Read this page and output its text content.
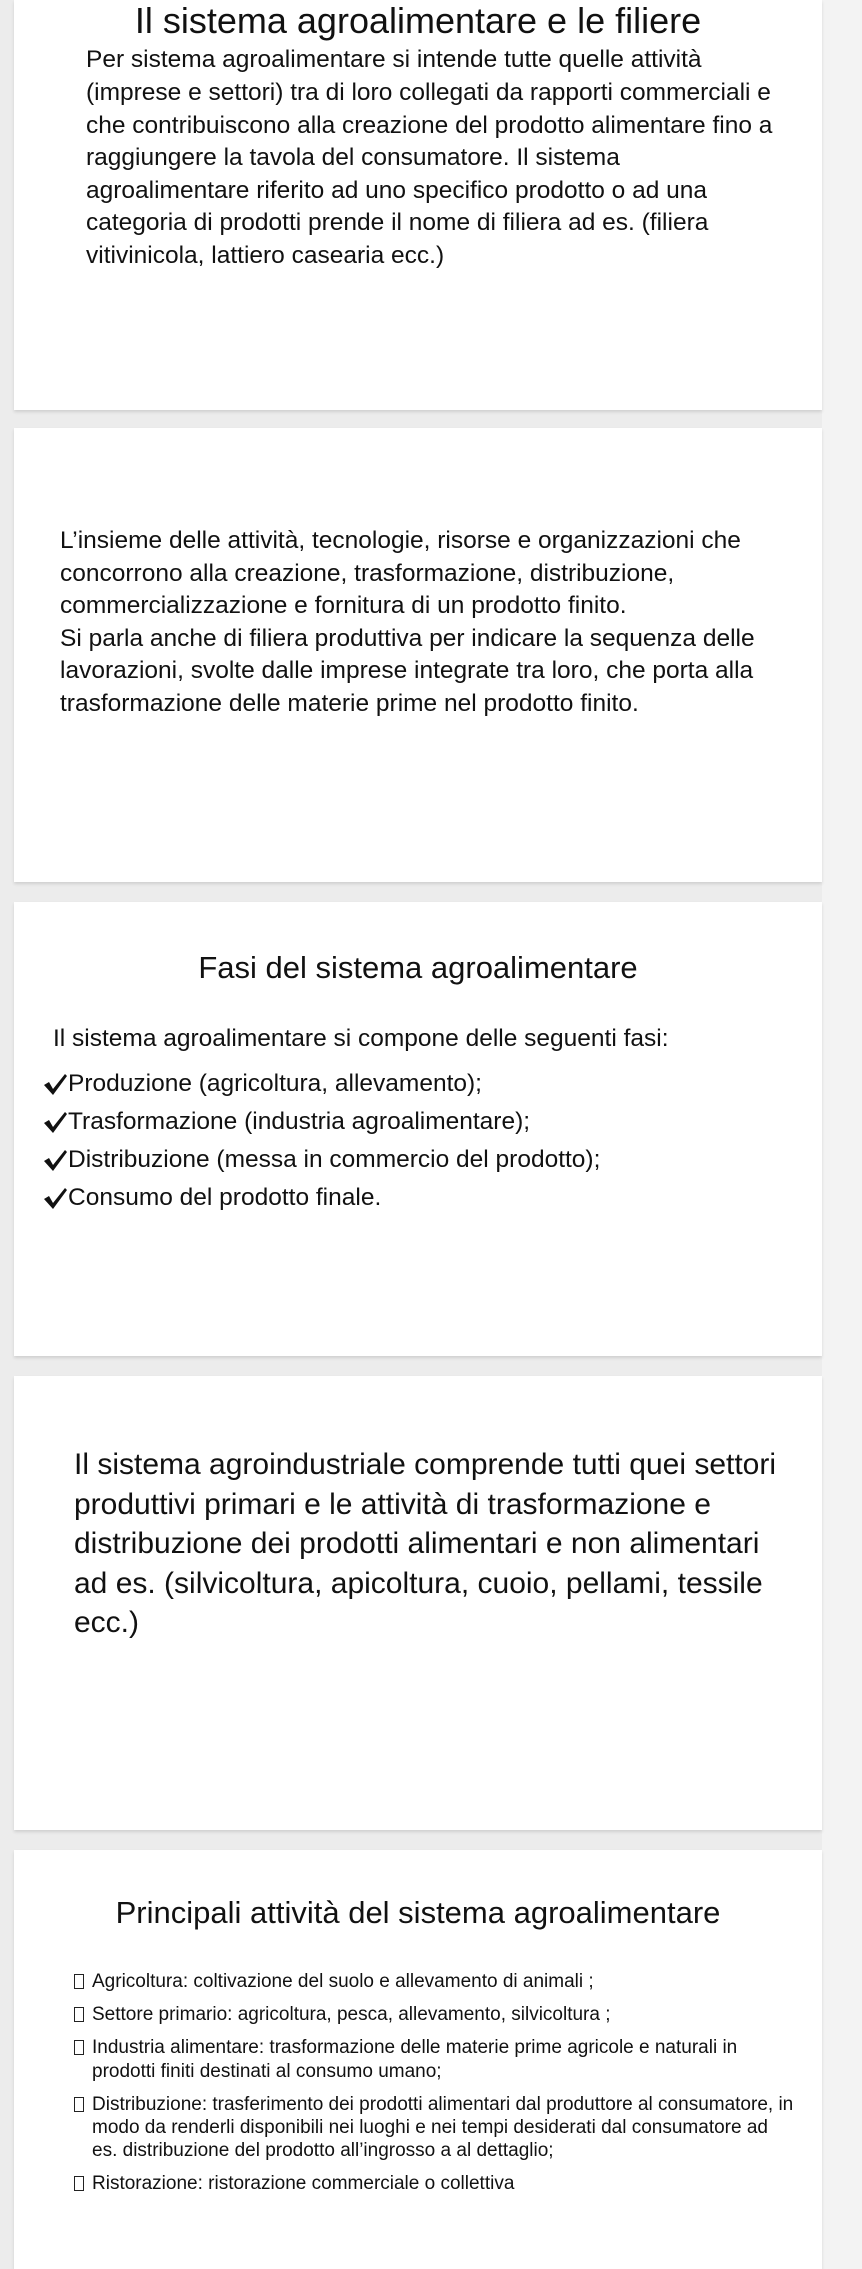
Il sistema agroalimentare e le filiere

Per sistema agroalimentare si intende tutte quelle attività (imprese e settori) tra di loro collegati da rapporti commerciali e che contribuiscono alla creazione del prodotto alimentare fino a raggiungere la tavola del consumatore. Il sistema agroalimentare riferito ad uno specifico prodotto o ad una categoria di prodotti prende il nome di filiera ad es. (filiera vitivinicola, lattiero casearia ecc.)

L’insieme delle attività, tecnologie, risorse e organizzazioni che concorrono alla creazione, trasformazione, distribuzione, commercializzazione e fornitura di un prodotto finito.
Si parla anche di filiera produttiva per indicare la sequenza delle lavorazioni, svolte dalle imprese integrate tra loro, che porta alla trasformazione delle materie prime nel prodotto finito.

Fasi del sistema agroalimentare

Il sistema agroalimentare si compone delle seguenti fasi:

Produzione (agricoltura, allevamento);
Trasformazione (industria agroalimentare);
Distribuzione (messa in commercio del prodotto);
Consumo del prodotto finale.

Il sistema agroindustriale comprende tutti quei settori produttivi primari e le attività di trasformazione e distribuzione dei prodotti alimentari e non alimentari ad es. (silvicoltura, apicoltura, cuoio, pellami, tessile ecc.)

Principali attività del sistema agroalimentare
Agricoltura: coltivazione del suolo e allevamento di animali ;
Settore primario: agricoltura, pesca, allevamento, silvicoltura ;
Industria alimentare: trasformazione delle materie prime agricole e naturali in prodotti finiti destinati al consumo umano;
Distribuzione: trasferimento dei prodotti alimentari dal produttore al consumatore, in modo da renderli disponibili nei luoghi e nei tempi desiderati dal consumatore ad es. distribuzione del prodotto all’ingrosso a al dettaglio;
Ristorazione: ristorazione commerciale o collettiva
